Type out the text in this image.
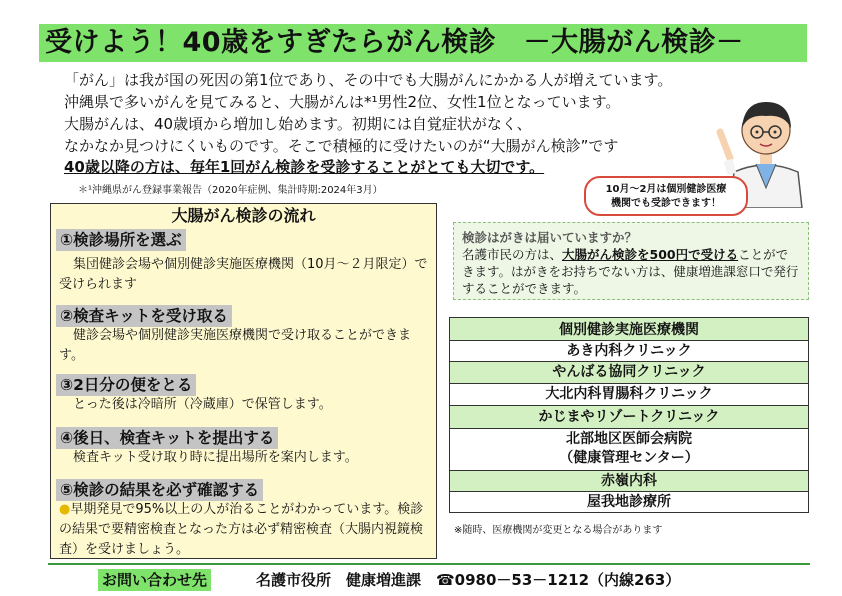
受けよう！40歳をすぎたらがん検診　－大腸がん検診－
「がん」は我が国の死因の第1位であり、その中でも大腸がんにかかる人が増えています。
沖縄県で多いがんを見てみると、大腸がんは*¹男性2位、女性1位となっています。
大腸がんは、40歳頃から増加し始めます。初期には自覚症状がなく、
なかなか見つけにくいものです。そこで積極的に受けたいのが“大腸がん検診”です
40歳以降の方は、毎年1回がん検診を受診することがとても大切です。
＊¹沖縄県がん登録事業報告（2020年症例、集計時期:2024年3月）	10月～2月は個別健診医療
機関でも受診できます！
大腸がん検診の流れ
①検診場所を選ぶ
集団健診会場や個別健診実施医療機関（10月～２月限定）で受けられます
②検査キットを受け取る
健診会場や個別健診実施医療機関で受け取ることができます。
③2日分の便をとる
とった後は冷暗所（冷蔵庫）で保管します。
④後日、検査キットを提出する
検査キット受け取り時に提出場所を案内します。
⑤検診の結果を必ず確認する
●早期発見で95%以上の人が治ることがわかっています。検診の結果で要精密検査となった方は必ず精密検査（大腸内視鏡検査）を受けましょう。
検診はがきは届いていますか？
名護市民の方は、大腸がん検診を500円で受けることができます。はがきをお持ちでない方は、健康増進課窓口で発行することができます。
個別健診実施医療機関
あき内科クリニック
やんばる協同クリニック
大北内科胃腸科クリニック
かじまやリゾートクリニック
北部地区医師会病院
（健康管理センター）
赤嶺内科
屋我地診療所
※随時、医療機関が変更となる場合があります
お問い合わせ先	名護市役所　健康増進課　☎0980－53－1212（内線263）
